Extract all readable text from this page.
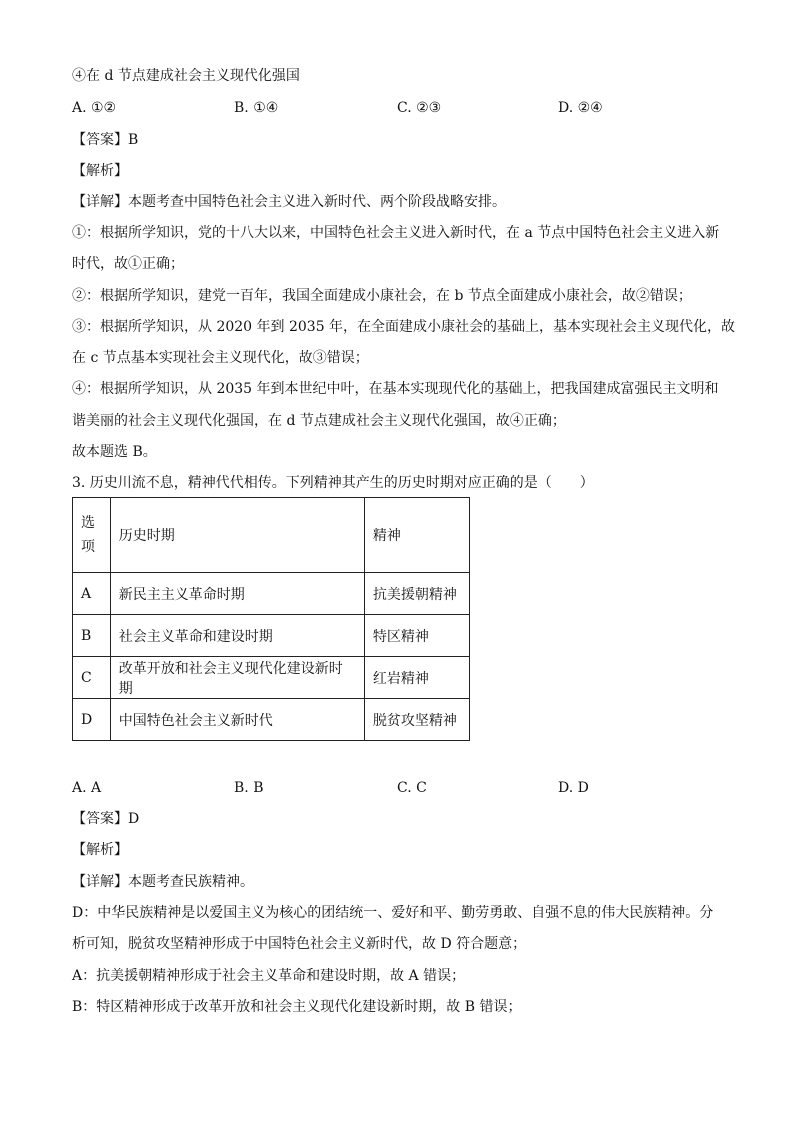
④在 d 节点建成社会主义现代化强国
A. ①②	B. ①④	C. ②③	D. ②④
【答案】B
【解析】
【详解】本题考查中国特色社会主义进入新时代、两个阶段战略安排。
①：根据所学知识，党的十八大以来，中国特色社会主义进入新时代，在 a 节点中国特色社会主义进入新
时代，故①正确；
②：根据所学知识，建党一百年，我国全面建成小康社会，在 b 节点全面建成小康社会，故②错误；
③：根据所学知识，从 2020 年到 2035 年，在全面建成小康社会的基础上，基本实现社会主义现代化，故
在 c 节点基本实现社会主义现代化，故③错误；
④：根据所学知识，从 2035 年到本世纪中叶，在基本实现现代化的基础上，把我国建成富强民主文明和
谐美丽的社会主义现代化强国，在 d 节点建成社会主义现代化强国，故④正确；
故本题选 B。
3. 历史川流不息，精神代代相传。下列精神其产生的历史时期对应正确的是（　　）
选项	历史时期	精神
A	新民主主义革命时期	抗美援朝精神
B	社会主义革命和建设时期	特区精神
C	改革开放和社会主义现代化建设新时期	红岩精神
D	中国特色社会主义新时代	脱贫攻坚精神
A. A	B. B	C. C	D. D
【答案】D
【解析】
【详解】本题考查民族精神。
D：中华民族精神是以爱国主义为核心的团结统一、爱好和平、勤劳勇敢、自强不息的伟大民族精神。分
析可知，脱贫攻坚精神形成于中国特色社会主义新时代，故 D 符合题意；
A：抗美援朝精神形成于社会主义革命和建设时期，故 A 错误；
B：特区精神形成于改革开放和社会主义现代化建设新时期，故 B 错误；
